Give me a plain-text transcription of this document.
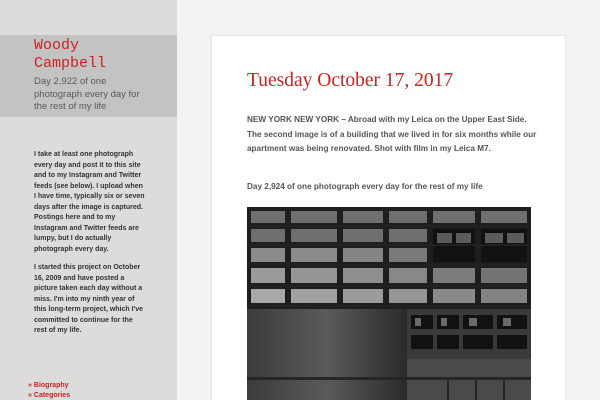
Woody
Campbell
Day 2,922 of one photograph every day for the rest of my life

I take at least one photograph every day and post it to this site and to my Instagram and Twitter feeds (see below). I upload when I have time, typically six or seven days after the image is captured. Postings here and to my Instagram and Twitter feeds are lumpy, but I do actually photograph every day.

I started this project on October 16, 2009 and have posted a picture taken each day without a miss. I'm into my ninth year of this long-term project, which I've committed to continue for the rest of my life.

» Biography
» Categories
Tuesday October 17, 2017

NEW YORK NEW YORK – Abroad with my Leica on the Upper East Side. The second image is of a building that we lived in for six months while our apartment was being renovated. Shot with film in my Leica M7.

Day 2,924 of one photograph every day for the rest of my life
